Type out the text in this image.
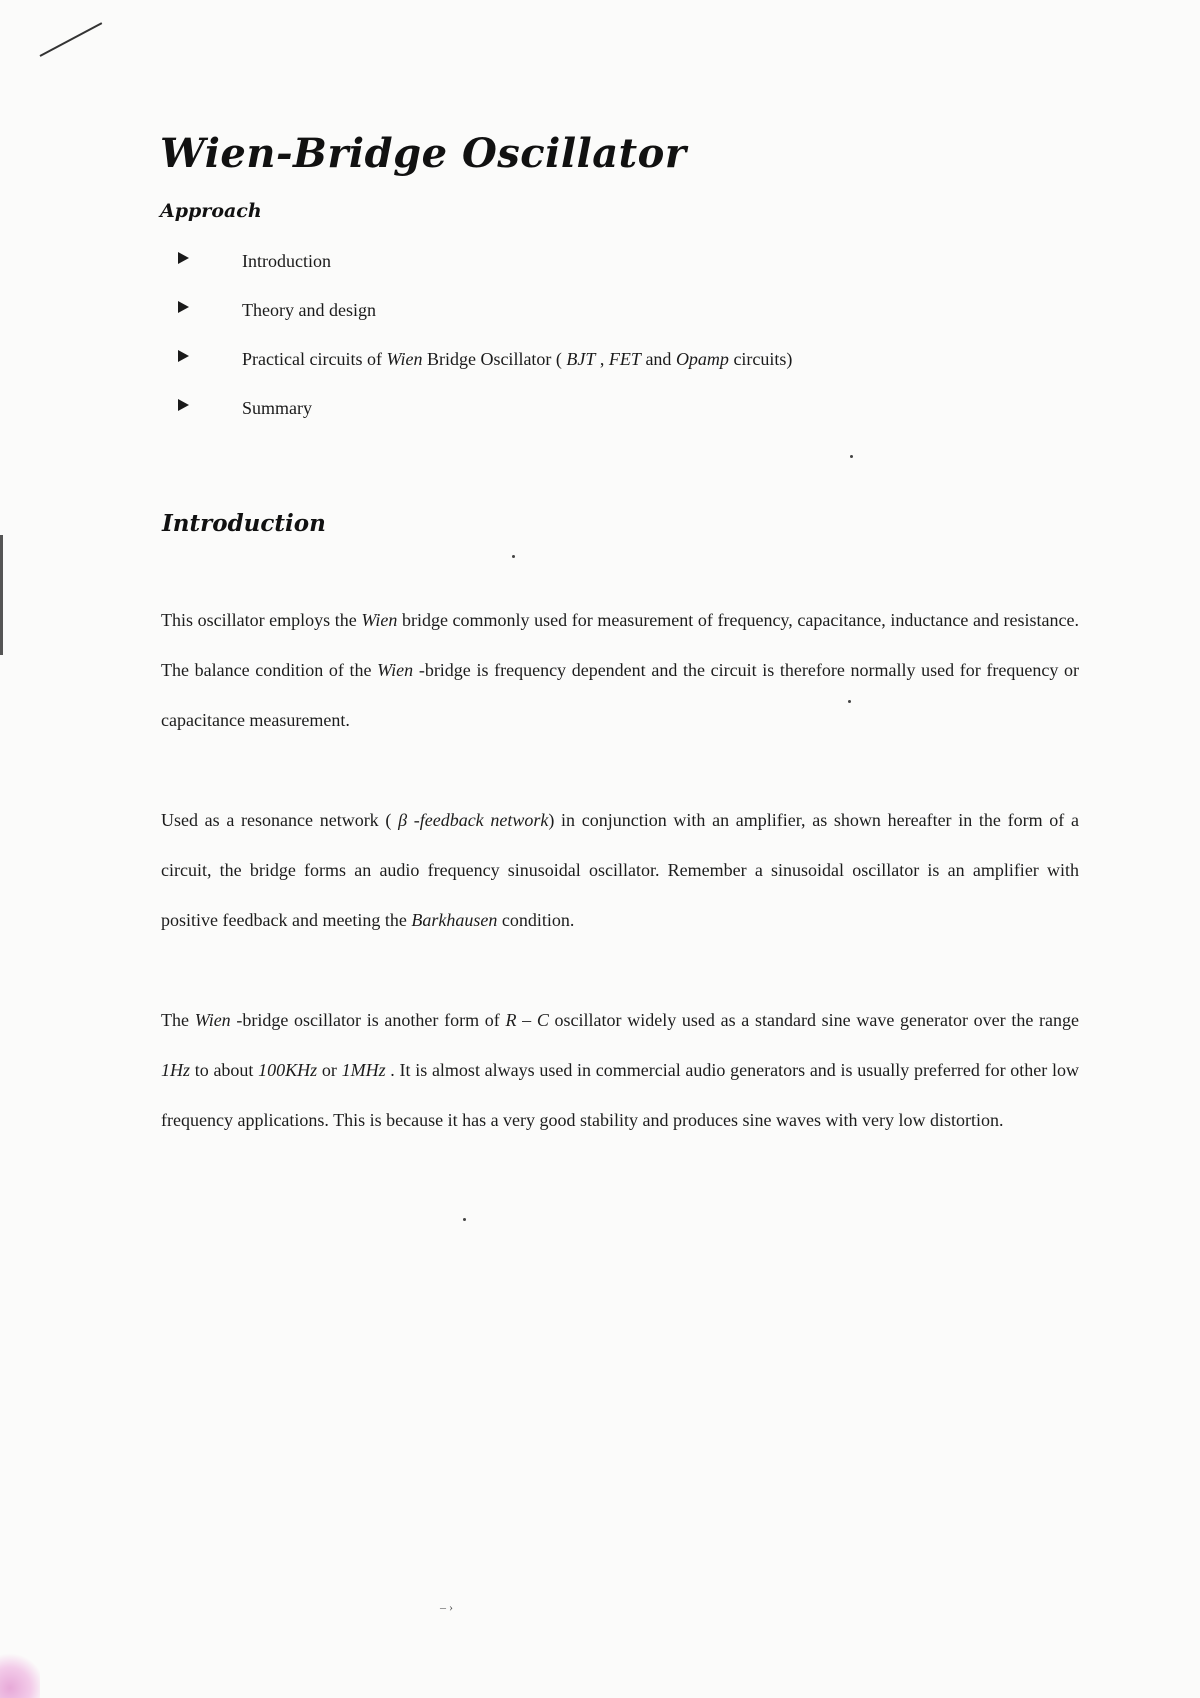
Wien-Bridge Oscillator
Approach
Introduction
Theory and design
Practical circuits of Wien Bridge Oscillator ( BJT , FET and Opamp circuits)
Summary
Introduction

This oscillator employs the Wien bridge commonly used for measurement of frequency, capacitance, inductance and resistance. The balance condition of the Wien -bridge is frequency dependent and the circuit is therefore normally used for frequency or capacitance measurement.

Used as a resonance network ( β -feedback network) in conjunction with an amplifier, as shown hereafter in the form of a circuit, the bridge forms an audio frequency sinusoidal oscillator. Remember a sinusoidal oscillator is an amplifier with positive feedback and meeting the Barkhausen condition.

The Wien -bridge oscillator is another form of R – C oscillator widely used as a standard sine wave generator over the range 1Hz to about 100KHz or 1MHz . It is almost always used in commercial audio generators and is usually preferred for other low frequency applications. This is because it has a very good stability and produces sine waves with very low distortion.

– ›
